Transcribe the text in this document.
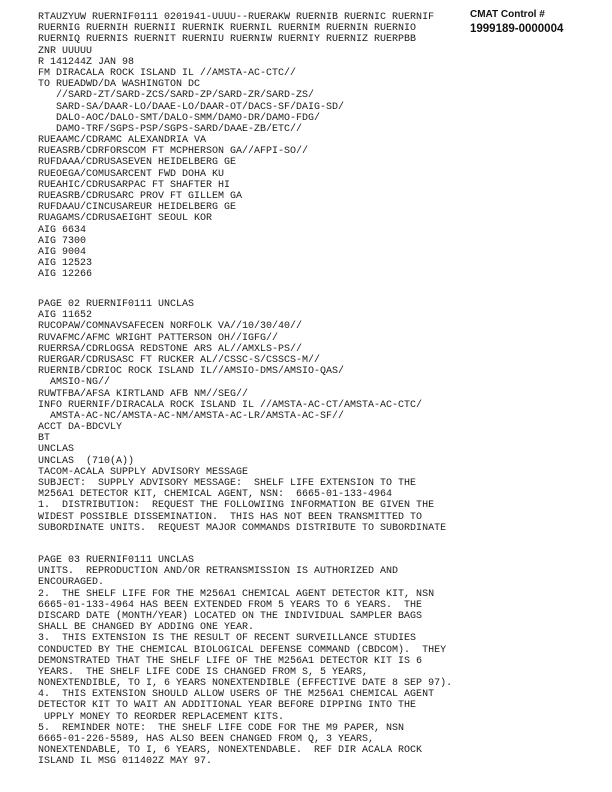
CMAT Control #
1999189-0000004
RTAUZYUW RUERNIF0111 0201941-UUUU--RUERAKW RUERNIB RUERNIC RUERNIF
RUERNIG RUERNIH RUERNII RUERNIK RUERNIL RUERNIM RUERNIN RUERNIO
RUERNIQ RUERNIS RUERNIT RUERNIU RUERNIW RUERNIY RUERNIZ RUERPBB
ZNR UUUUU
R 141244Z JAN 98
FM DIRACALA ROCK ISLAND IL //AMSTA-AC-CTC//
TO RUEADWD/DA WASHINGTON DC
//SARD-ZT/SARD-ZCS/SARD-ZP/SARD-ZR/SARD-ZS/
SARD-SA/DAAR-LO/DAAE-LO/DAAR-OT/DACS-SF/DAIG-SD/
DALO-AOC/DALO-SMT/DALO-SMM/DAMO-DR/DAMO-FDG/
DAMO-TRF/SGPS-PSP/SGPS-SARD/DAAE-ZB/ETC//
RUEAAMC/CDRAMC ALEXANDRIA VA
RUEASRB/CDRFORSCOM FT MCPHERSON GA//AFPI-SO//
RUFDAAA/CDRUSASEVEN HEIDELBERG GE
RUEOEGA/COMUSARCENT FWD DOHA KU
RUEAHIC/CDRUSARPAC FT SHAFTER HI
RUEASRB/CDRUSARC PROV FT GILLEM GA
RUFDAAU/CINCUSAREUR HEIDELBERG GE
RUAGAMS/CDRUSAEIGHT SEOUL KOR
AIG 6634
AIG 7300
AIG 9004
AIG 12523
AIG 12266
PAGE 02 RUERNIF0111 UNCLAS
AIG 11652
RUCOPAW/COMNAVSAFECEN NORFOLK VA//10/30/40//
RUVAFMC/AFMC WRIGHT PATTERSON OH//IGFG//
RUERRSA/CDRLOGSA REDSTONE ARS AL//AMXLS-PS//
RUERGAR/CDRUSASC FT RUCKER AL//CSSC-S/CSSCS-M//
RUERNIB/CDRIOC ROCK ISLAND IL//AMSIO-DMS/AMSIO-QAS/
AMSIO-NG//
RUWTFBA/AFSA KIRTLAND AFB NM//SEG//
INFO RUERNIF/DIRACALA ROCK ISLAND IL //AMSTA-AC-CT/AMSTA-AC-CTC/
AMSTA-AC-NC/AMSTA-AC-NM/AMSTA-AC-LR/AMSTA-AC-SF//
ACCT DA-BDCVLY
BT
UNCLAS
UNCLAS  (710(A))
TACOM-ACALA SUPPLY ADVISORY MESSAGE
SUBJECT:  SUPPLY ADVISORY MESSAGE:  SHELF LIFE EXTENSION TO THE
M256A1 DETECTOR KIT, CHEMICAL AGENT, NSN:  6665-01-133-4964
1.  DISTRIBUTION:  REQUEST THE FOLLOWIING INFORMATION BE GIVEN THE
WIDEST POSSIBLE DISSEMINATION.  THIS HAS NOT BEEN TRANSMITTED TO
SUBORDINATE UNITS.  REQUEST MAJOR COMMANDS DISTRIBUTE TO SUBORDINATE
PAGE 03 RUERNIF0111 UNCLAS
UNITS.  REPRODUCTION AND/OR RETRANSMISSION IS AUTHORIZED AND
ENCOURAGED.
2.  THE SHELF LIFE FOR THE M256A1 CHEMICAL AGENT DETECTOR KIT, NSN
6665-01-133-4964 HAS BEEN EXTENDED FROM 5 YEARS TO 6 YEARS.  THE
DISCARD DATE (MONTH/YEAR) LOCATED ON THE INDIVIDUAL SAMPLER BAGS
SHALL BE CHANGED BY ADDING ONE YEAR.
3.  THIS EXTENSION IS THE RESULT OF RECENT SURVEILLANCE STUDIES
CONDUCTED BY THE CHEMICAL BIOLOGICAL DEFENSE COMMAND (CBDCOM).  THEY
DEMONSTRATED THAT THE SHELF LIFE OF THE M256A1 DETECTOR KIT IS 6
YEARS.  THE SHELF LIFE CODE IS CHANGED FROM S, 5 YEARS,
NONEXTENDIBLE, TO I, 6 YEARS NONEXTENDIBLE (EFFECTIVE DATE 8 SEP 97).
4.  THIS EXTENSION SHOULD ALLOW USERS OF THE M256A1 CHEMICAL AGENT
DETECTOR KIT TO WAIT AN ADDITIONAL YEAR BEFORE DIPPING INTO THE
UPPLY MONEY TO REORDER REPLACEMENT KITS.
5.  REMINDER NOTE:  THE SHELF LIFE CODE FOR THE M9 PAPER, NSN
6665-01-226-5589, HAS ALSO BEEN CHANGED FROM Q, 3 YEARS,
NONEXTENDABLE, TO I, 6 YEARS, NONEXTENDABLE.  REF DIR ACALA ROCK
ISLAND IL MSG 011402Z MAY 97.
